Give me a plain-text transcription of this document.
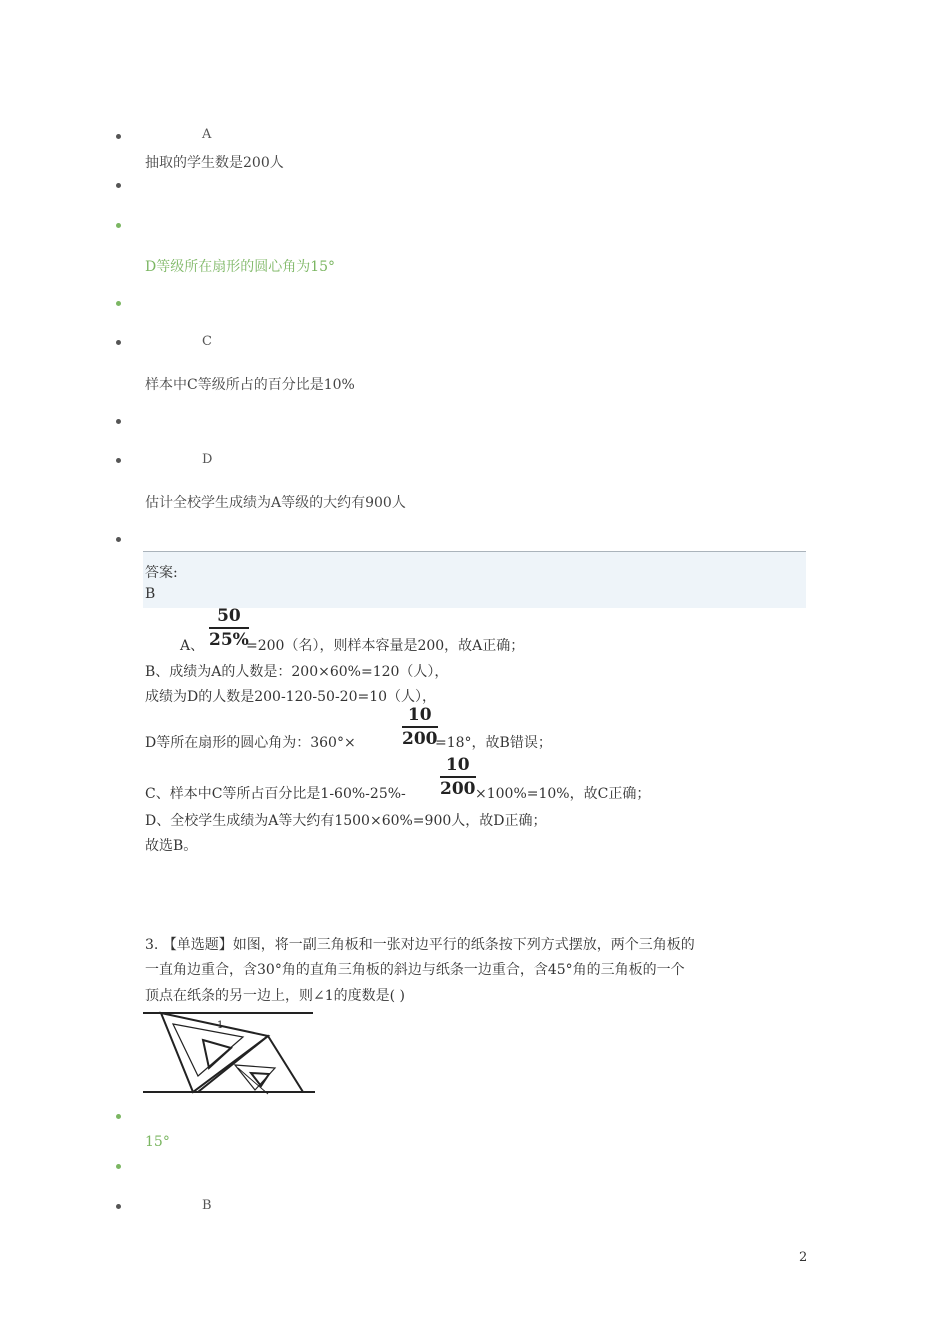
A
抽取的学生数是200人
D等级所在扇形的圆心角为15°
C
样本中C等级所占的百分比是10%
D
估计全校学生成绩为A等级的大约有900人
答案:
B
A、
50
25%
=200（名），则样本容量是200，故A正确；
B、成绩为A的人数是：200×60%=120（人），
成绩为D的人数是200-120-50-20=10（人），
D等所在扇形的圆心角为：360°×
10
200
=18°，故B错误；
C、样本中C等所占百分比是1-60%-25%-
10
200 ×100%=10%，故C正确；
D、全校学生成绩为A等大约有1500×60%=900人，故D正确；
故选B。
3. 【单选题】如图，将一副三角板和一张对边平行的纸条按下列方式摆放，两个三角板的
一直角边重合，含30°角的直角三角板的斜边与纸条一边重合，含45°角的三角板的一个
顶点在纸条的另一边上，则∠1的度数是( )
1
15°
B
2
